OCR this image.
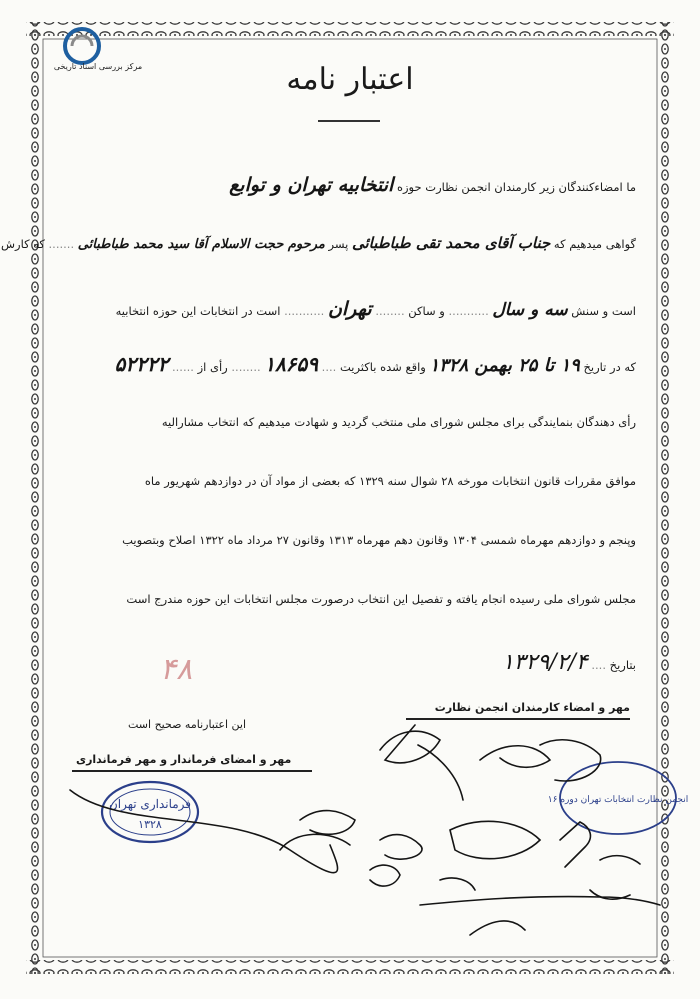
مرکز بررسی اسناد تاریخی	اعتبار نامه
ما امضاءکنندگان زیر کارمندان انجمن نظارت حوزه انتخابیه تهران و توابع
گواهی میدهیم که جناب آقای محمد تقی طباطبائی پسر مرحوم حجت الاسلام آقا سید محمد طباطبائی ....... که کارش
است و سنش سه و سال ........... و ساکن ........ تهران ........... است در انتخابات این حوزه انتخابیه
که در تاریخ ۱۹ تا ۲۵ بهمن ۱۳۲۸ واقع شده باکثریت .... ۱۸۶۵۹ ........ رأی از ...... ۵۲۲۲۲
رأی دهندگان بنمایندگی برای مجلس شورای ملی منتخب گردید و شهادت میدهیم که انتخاب مشارالیه
موافق مقررات قانون انتخابات مورخه ۲۸ شوال سنه ۱۳۲۹ که بعضی از مواد آن در دوازدهم شهریور ماه
وپنجم و دوازدهم مهرماه شمسی ۱۳۰۴ وقانون دهم مهرماه ۱۳۱۳ وقانون ۲۷ مرداد ماه ۱۳۲۲ اصلاح وبتصویب
مجلس شورای ملی رسیده انجام یافته و تفصیل این انتخاب درصورت مجلس انتخابات این حوزه مندرج است
بتاریخ .... ۱۳۲۹/۲/۴
۴۸
مهر و امضاء کارمندان انجمن نظارت
این اعتبارنامه صحیح است
مهر و امضای فرماندار و مهر فرمانداری
فرمانداری تهران
۱۳۲۸
انجمن نظارت انتخابات تهران دوره ۱۶
